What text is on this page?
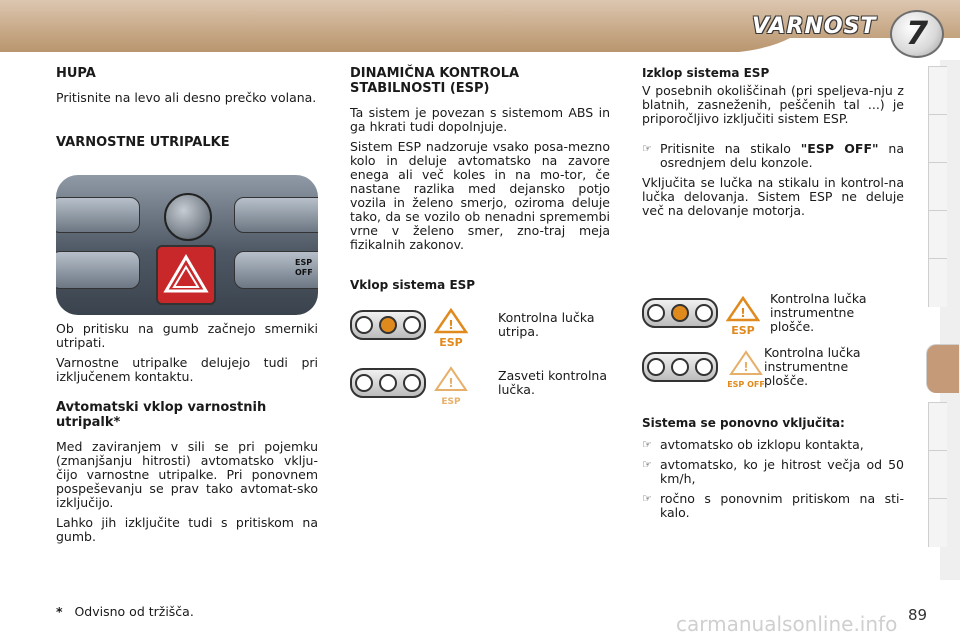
VARNOST 7
HUPA

Pritisnite na levo ali desno prečko volana.

VARNOSTNE UTRIPALKE
ESP OFF

Ob pritisku na gumb začnejo smerniki utripati.

Varnostne utripalke delujejo tudi pri izključenem kontaktu.

Avtomatski vklop varnostnih utripalk*

Med zaviranjem v sili se pri pojemku (zmanjšanju hitrosti) avtomatsko vklju-čijo varnostne utripalke. Pri ponovnem pospeševanju se prav tako avtomat-sko izključijo.

Lahko jih izključite tudi s pritiskom na gumb.

DINAMIČNA KONTROLA STABILNOSTI (ESP)

Ta sistem je povezan s sistemom ABS in ga hkrati tudi dopolnjuje.

Sistem ESP nadzoruje vsako posa-mezno kolo in deluje avtomatsko na zavore enega ali več koles in na mo-tor, če nastane razlika med dejansko potjo vozila in želeno smerjo, oziroma deluje tako, da se vozilo ob nenadni spremembi vrne v želeno smer, zno-traj meja fizikalnih zakonov.

Vklop sistema ESP
!
ESP
Kontrolna lučka utripa.
!
ESP
Zasveti kontrolna lučka.
Izklop sistema ESP

V posebnih okoliščinah (pri speljeva-nju z blatnih, zasneženih, peščenih tal ...) je priporočljivo izključiti sistem ESP.

☞ Pritisnite na stikalo "ESP OFF" na osrednjem delu konzole.

Vključita se lučka na stikalu in kontrol-na lučka delovanja. Sistem ESP ne deluje več na delovanje motorja.

!
ESP
Kontrolna lučka instrumentne plošče.
!
ESP OFF
Kontrolna lučka instrumentne plošče.
Sistema se ponovno vključita:
☞ avtomatsko ob izklopu kontakta,
☞ avtomatsko, ko je hitrost večja od 50 km/h,
☞ ročno s ponovnim pritiskom na sti-kalo.
* Odvisno od tržišča.
carmanualsonline.info 89
